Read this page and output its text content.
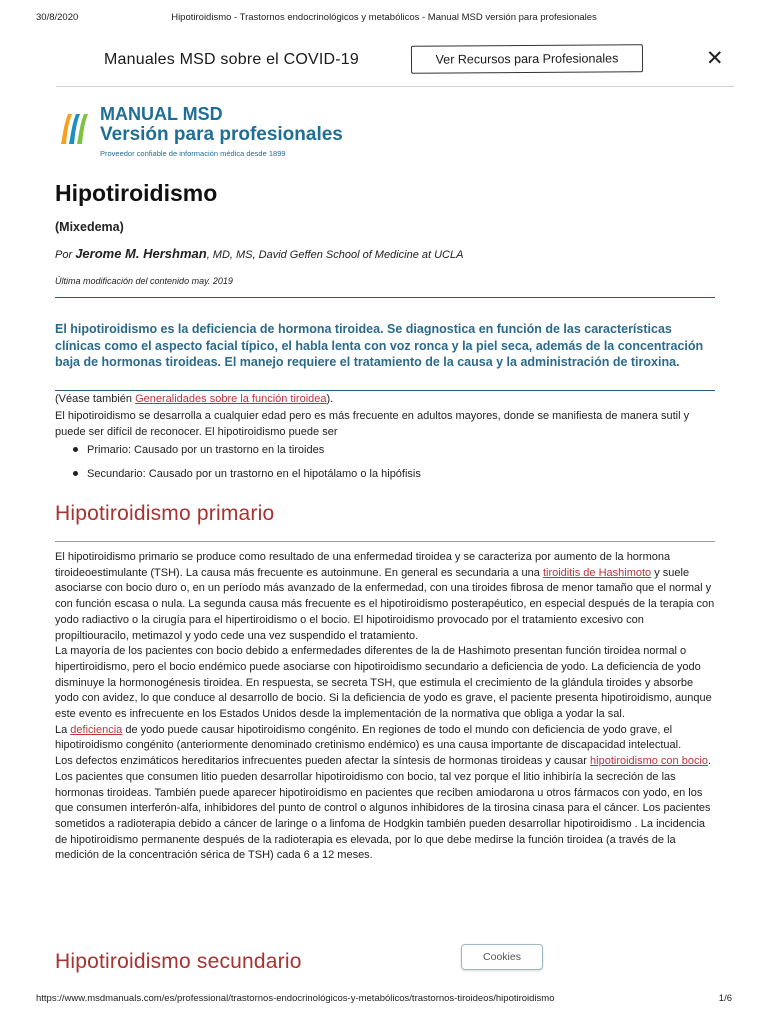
30/8/2020	Hipotiroidismo - Trastornos endocrinológicos y metabólicos - Manual MSD versión para profesionales
Manuales MSD sobre el COVID-19	Ver Recursos para Profesionales	✕
MANUAL MSD
Versión para profesionales
Proveedor confiable de información médica desde 1899
Hipotiroidismo
(Mixedema)
Por Jerome M. Hershman, MD, MS, David Geffen School of Medicine at UCLA
Última modificación del contenido may. 2019
El hipotiroidismo es la deficiencia de hormona tiroidea. Se diagnostica en función de las características clínicas como el aspecto facial típico, el habla lenta con voz ronca y la piel seca, además de la concentración baja de hormonas tiroideas. El manejo requiere el tratamiento de la causa y la administración de tiroxina.
(Véase también Generalidades sobre la función tiroidea).
El hipotiroidismo se desarrolla a cualquier edad pero es más frecuente en adultos mayores, donde se manifiesta de manera sutil y puede ser difícil de reconocer. El hipotiroidismo puede ser
Primario: Causado por un trastorno en la tiroides
Secundario: Causado por un trastorno en el hipotálamo o la hipófisis
Hipotiroidismo primario

El hipotiroidismo primario se produce como resultado de una enfermedad tiroidea y se caracteriza por aumento de la hormona tiroideoestimulante (TSH). La causa más frecuente es autoinmune. En general es secundaria a una tiroiditis de Hashimoto y suele asociarse con bocio duro o, en un período más avanzado de la enfermedad, con una tiroides fibrosa de menor tamaño que el normal y con función escasa o nula. La segunda causa más frecuente es el hipotiroidismo posterapéutico, en especial después de la terapia con yodo radiactivo o la cirugía para el hipertiroidismo o el bocio. El hipotiroidismo provocado por el tratamiento excesivo con propiltiouracilo, metimazol y yodo cede una vez suspendido el tratamiento.

La mayoría de los pacientes con bocio debido a enfermedades diferentes de la de Hashimoto presentan función tiroidea normal o hipertiroidismo, pero el bocio endémico puede asociarse con hipotiroidismo secundario a deficiencia de yodo. La deficiencia de yodo disminuye la hormonogénesis tiroidea. En respuesta, se secreta TSH, que estimula el crecimiento de la glándula tiroides y absorbe yodo con avidez, lo que conduce al desarrollo de bocio. Si la deficiencia de yodo es grave, el paciente presenta hipotiroidismo, aunque este evento es infrecuente en los Estados Unidos desde la implementación de la normativa que obliga a yodar la sal.

La deficiencia de yodo puede causar hipotiroidismo congénito. En regiones de todo el mundo con deficiencia de yodo grave, el hipotiroidismo congénito (anteriormente denominado cretinismo endémico) es una causa importante de discapacidad intelectual.

Los defectos enzimáticos hereditarios infrecuentes pueden afectar la síntesis de hormonas tiroideas y causar hipotiroidismo con bocio.

Los pacientes que consumen litio pueden desarrollar hipotiroidismo con bocio, tal vez porque el litio inhibiría la secreción de las hormonas tiroideas. También puede aparecer hipotiroidismo en pacientes que reciben amiodarona u otros fármacos con yodo, en los que consumen interferón-alfa, inhibidores del punto de control o algunos inhibidores de la tirosina cinasa para el cáncer. Los pacientes sometidos a radioterapia debido a cáncer de laringe o a linfoma de Hodgkin también pueden desarrollar hipotiroidismo . La incidencia de hipotiroidismo permanente después de la radioterapia es elevada, por lo que debe medirse la función tiroidea (a través de la medición de la concentración sérica de TSH) cada 6 a 12 meses.

Hipotiroidismo secundario	Cookies
https://www.msdmanuals.com/es/professional/trastornos-endocrinológicos-y-metabólicos/trastornos-tiroideos/hipotiroidismo	1/6
